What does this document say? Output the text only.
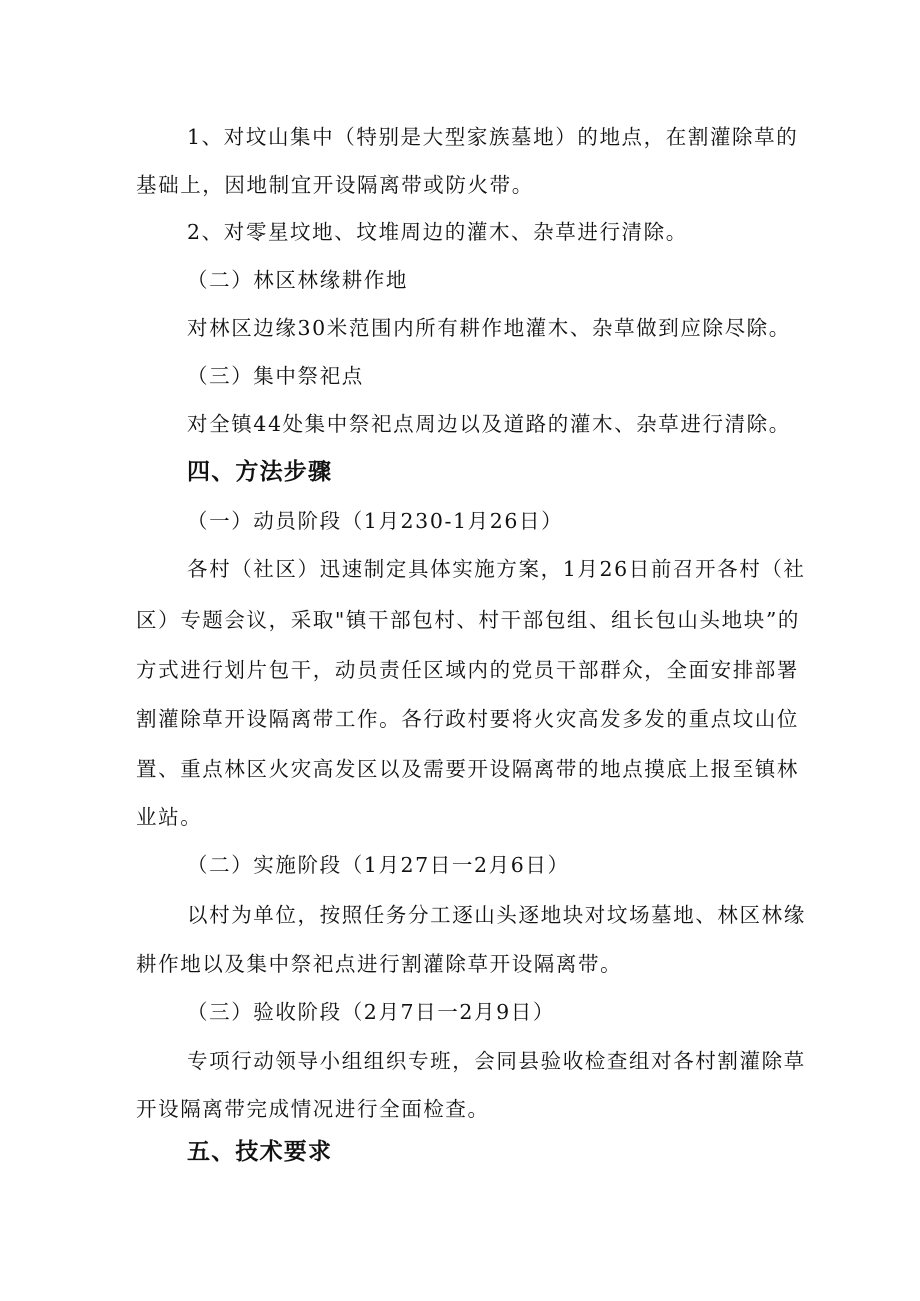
1、对坟山集中（特别是大型家族墓地）的地点，在割灌除草的
基础上，因地制宜开设隔离带或防火带。
2、对零星坟地、坟堆周边的灌木、杂草进行清除。
（二）林区林缘耕作地
对林区边缘30米范围内所有耕作地灌木、杂草做到应除尽除。
（三）集中祭祀点
对全镇44处集中祭祀点周边以及道路的灌木、杂草进行清除。
四、方法步骤
（一）动员阶段（1月230-1月26日）
各村（社区）迅速制定具体实施方案，1月26日前召开各村（社
区）专题会议，采取"镇干部包村、村干部包组、组长包山头地块”的
方式进行划片包干，动员责任区域内的党员干部群众，全面安排部署
割灌除草开设隔离带工作。各行政村要将火灾高发多发的重点坟山位
置、重点林区火灾高发区以及需要开设隔离带的地点摸底上报至镇林
业站。
（二）实施阶段（1月27日一2月6日）
以村为单位，按照任务分工逐山头逐地块对坟场墓地、林区林缘
耕作地以及集中祭祀点进行割灌除草开设隔离带。
（三）验收阶段（2月7日一2月9日）
专项行动领导小组组织专班，会同县验收检查组对各村割灌除草
开设隔离带完成情况进行全面检查。
五、技术要求
